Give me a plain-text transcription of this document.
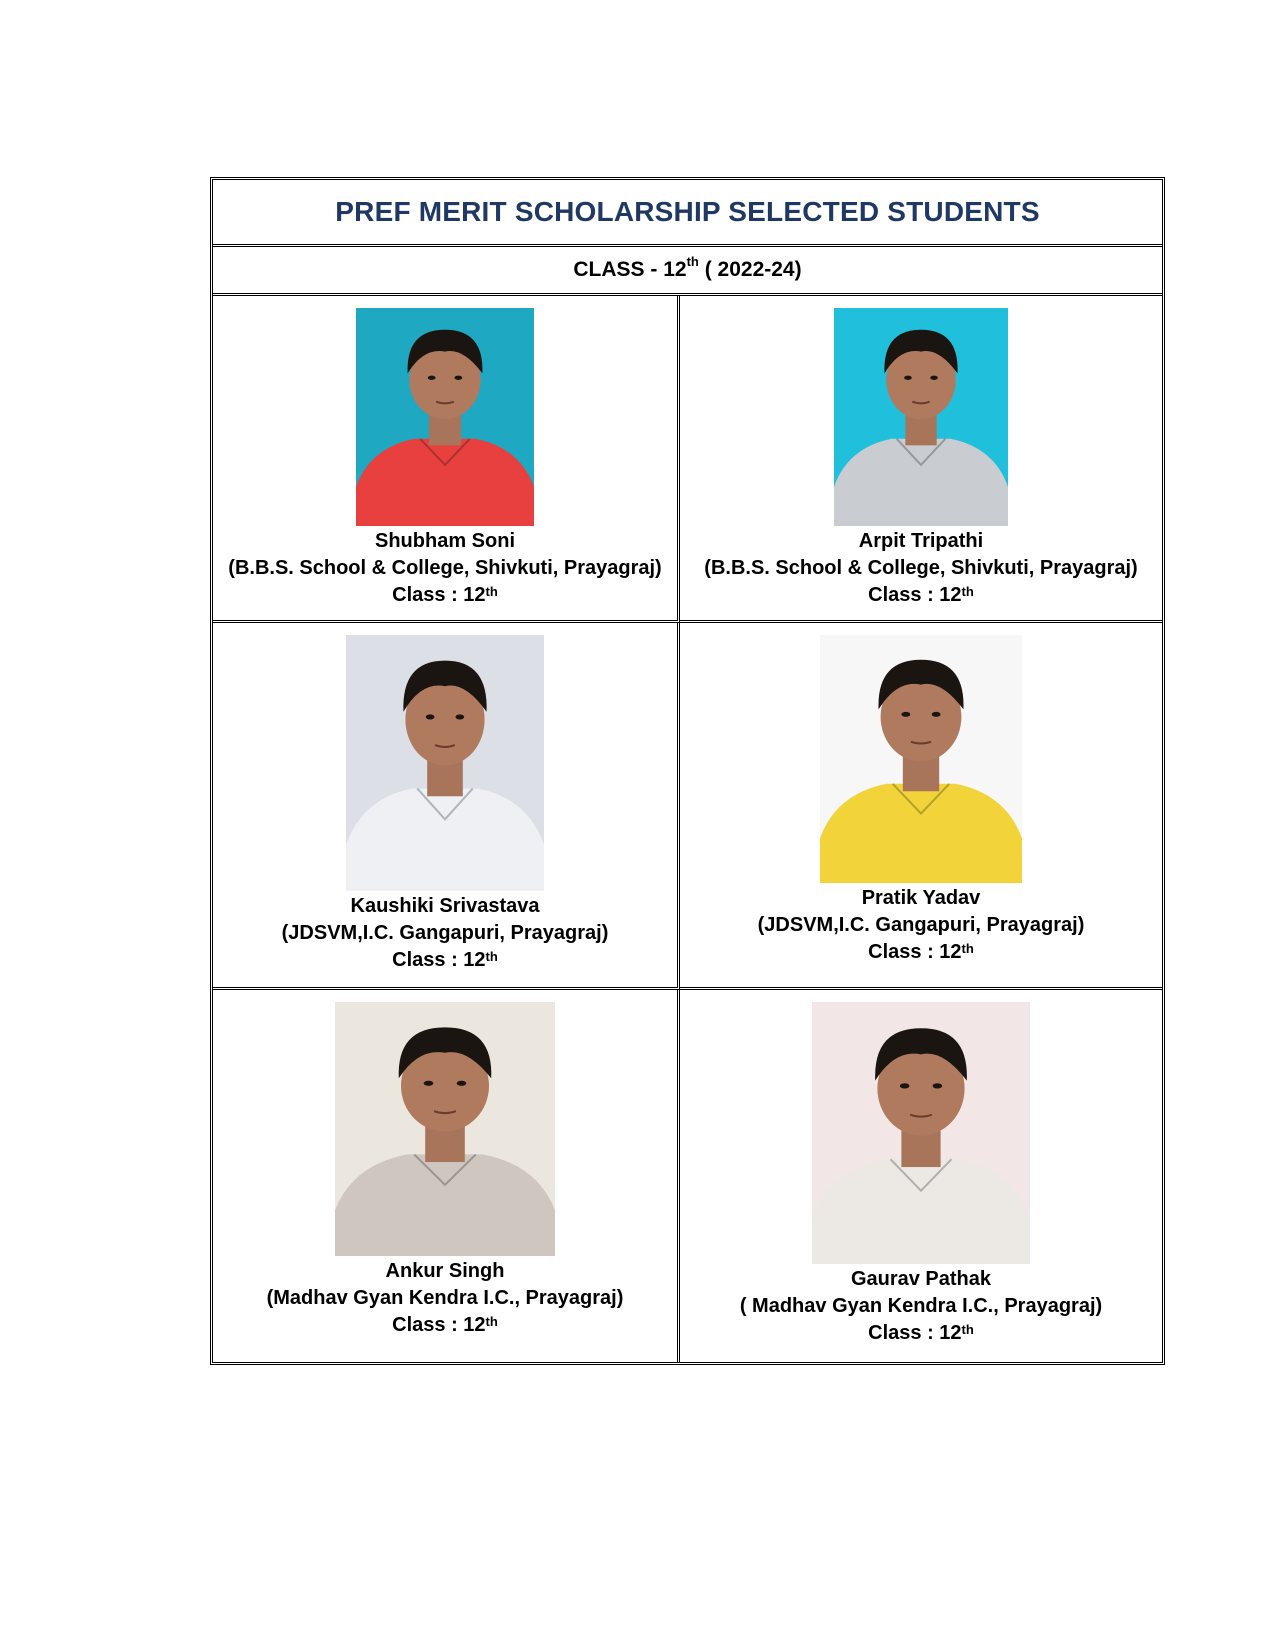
PREF MERIT SCHOLARSHIP SELECTED STUDENTS
CLASS - 12th ( 2022-24)
Shubham Soni
(B.B.S. School & College, Shivkuti, Prayagraj)
Class : 12th
Arpit Tripathi
(B.B.S. School & College, Shivkuti, Prayagraj)
Class : 12th
Kaushiki Srivastava
(JDSVM,I.C. Gangapuri, Prayagraj)
Class : 12th
Pratik Yadav
(JDSVM,I.C. Gangapuri, Prayagraj)
Class : 12th
Ankur Singh
(Madhav Gyan Kendra I.C., Prayagraj)
Class : 12th
Gaurav Pathak
( Madhav Gyan Kendra I.C., Prayagraj)
Class : 12th
